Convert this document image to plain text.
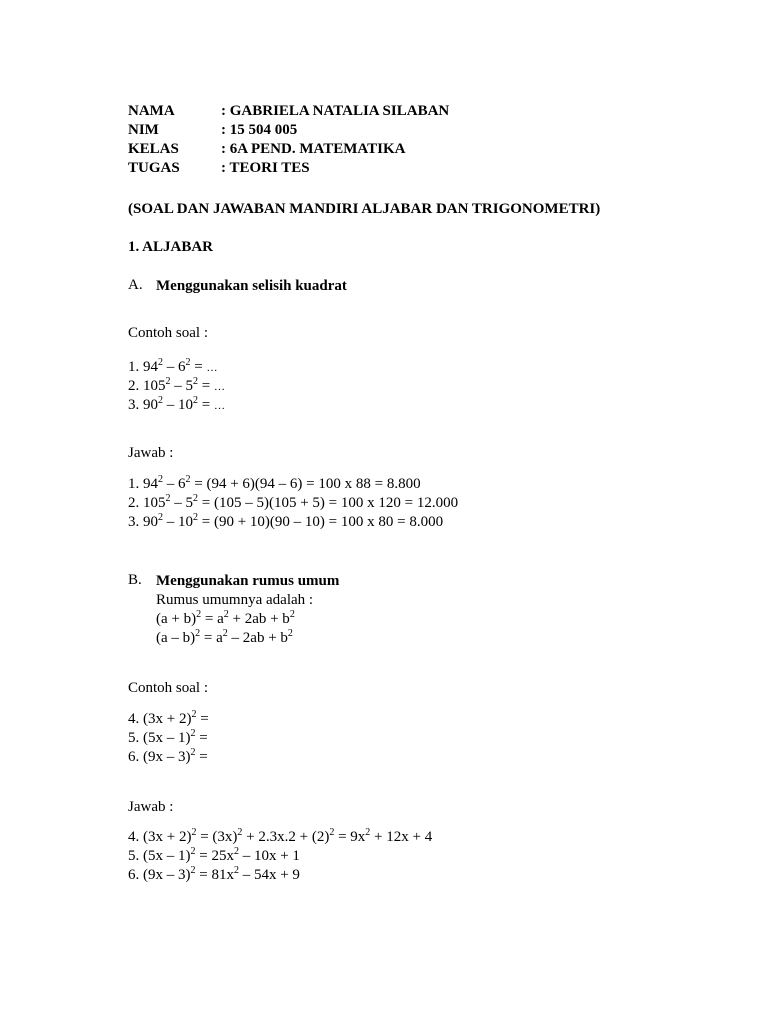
NAMA	: GABRIELA NATALIA SILABAN
NIM	: 15 504 005
KELAS	: 6A PEND. MATEMATIKA
TUGAS	: TEORI TES
(SOAL DAN JAWABAN MANDIRI ALJABAR DAN TRIGONOMETRI)
1. ALJABAR
A. Menggunakan selisih kuadrat
Contoh soal :
1. $94^2 - 6^2$ = …
2. $105^2 - 5^2$ = …
3. $90^2 - 10^2$ = …
Jawab :
1. $94^2 - 6^2 = (94 + 6)(94 - 6) = 100$ x 88 = 8.800
2. $105^2 - 5^2 = (105 - 5)(105 + 5) = 100$ x 120 = 12.000
3. $90^2 - 10^2 = (90 + 10)(90 - 10) = 100$ x 80 = 8.000
B. Menggunakan rumus umum
Rumus umumnya adalah :
$(a + b)^2 = a^2 + 2ab + b^2$
$(a - b)^2 = a^2 - 2ab + b^2$
Contoh soal :
4. $(3x + 2)^2$ =
5. (5x – 1)$^2$ =
6. (9x – 3)$^2$ =
Jawab :
4. $(3x + 2)^2 = (3x)^2 + 2.3x.2 + (2)^2 = 9x^2 + 12x + 4$
5. $(5x - 1)^2 = 25x^2 - 10x + 1$
6. $(9x - 3)^2 = 81x^2 - 54x + 9$
